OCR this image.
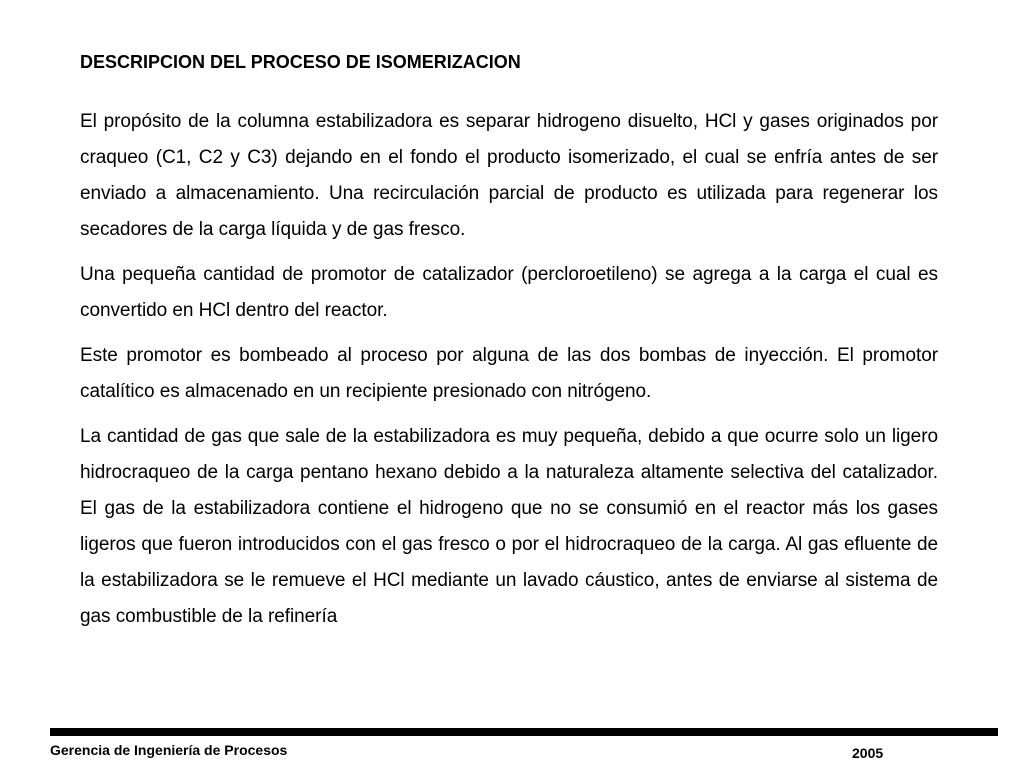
DESCRIPCION DEL PROCESO DE ISOMERIZACION

El propósito de la columna estabilizadora es separar hidrogeno disuelto, HCl y gases originados por craqueo (C1, C2 y C3) dejando en el fondo el producto isomerizado, el cual se enfría antes de ser enviado a almacenamiento. Una recirculación parcial de producto es utilizada para regenerar los secadores de la carga líquida y de gas fresco.

Una pequeña cantidad de promotor de catalizador (percloroetileno) se agrega a la carga el cual es convertido en HCl dentro del reactor.

Este promotor es bombeado al proceso por alguna de las dos bombas de inyección. El promotor catalítico es almacenado en un recipiente presionado con nitrógeno.

La cantidad de gas que sale de la estabilizadora es muy pequeña, debido a que ocurre solo un ligero hidrocraqueo de la carga pentano hexano debido a la naturaleza altamente selectiva del catalizador. El gas de la estabilizadora contiene el hidrogeno que no se consumió en el reactor más los gases ligeros que fueron introducidos con el gas fresco o por el hidrocraqueo de la carga. Al gas efluente de la estabilizadora se le remueve el HCl mediante un lavado cáustico, antes de enviarse al sistema de gas combustible de la refinería

Gerencia de Ingeniería de Procesos	2005
